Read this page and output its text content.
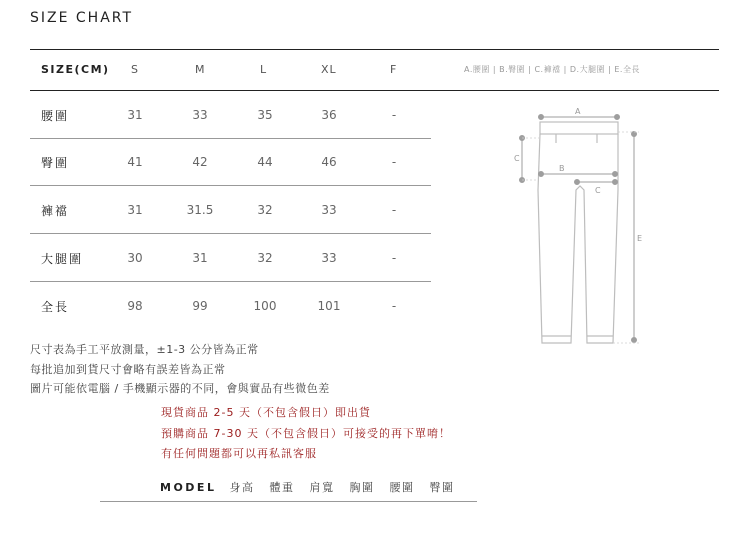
SIZE CHART
SIZE(CM) S	M	L	XL	F	A.腰圍 | B.臀圍 | C.褲襠 | D.大腿圍 | E.全長
腰圍	31	33	35	36	-
臀圍	41	42	44	46	-
褲襠	31	31.5	32	33	-
大腿圍	30	31	32	33	-
全長	98	99	100	101	-
A
C
B
C
E
尺寸表為手工平放測量，±1-3 公分皆為正常
每批追加到貨尺寸會略有誤差皆為正常
圖片可能依電腦 / 手機顯示器的不同，會與實品有些微色差
現貨商品 2-5 天（不包含假日）即出貨
預購商品 7-30 天（不包含假日）可接受的再下單唷！
有任何問題都可以再私訊客服
MODEL 身高 體重 肩寬 胸圍 腰圍 臀圍
